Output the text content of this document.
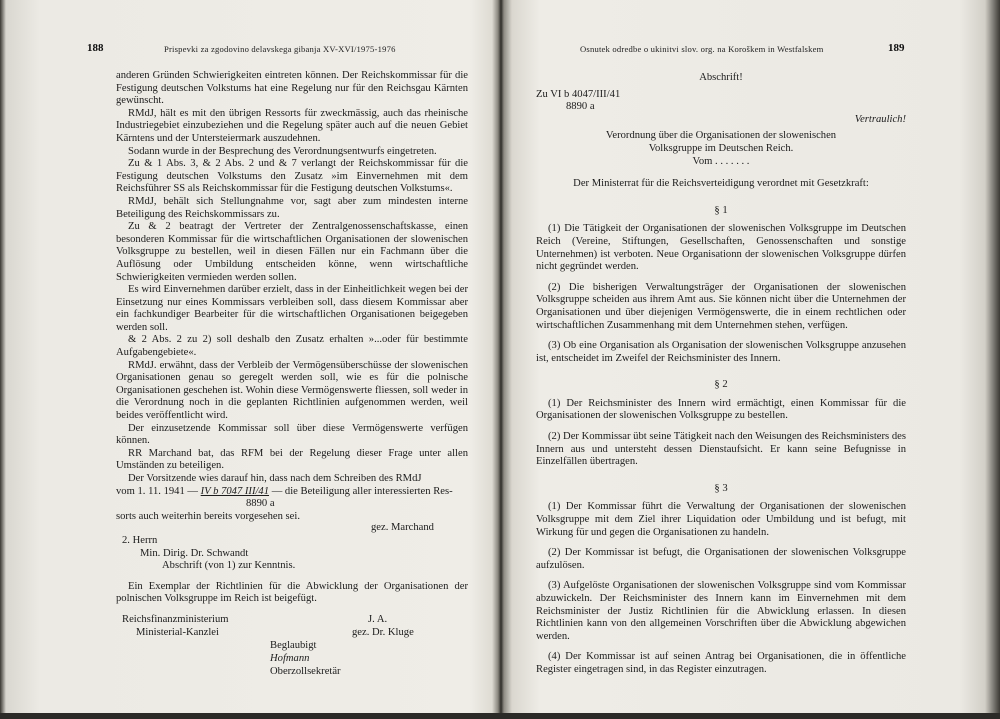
188	Prispevki za zgodovino delavskega gibanja XV-XVI/1975-1976

anderen Gründen Schwierigkeiten eintreten können. Der Reichskommissar für die Festigung deutschen Volkstums hat eine Regelung nur für den Reichsgau Kärnten gewünscht.

RMdJ, hält es mit den übrigen Ressorts für zweckmässig, auch das rheinische Industriegebiet einzubeziehen und die Regelung später auch auf die neuen Gebiet Kärntens und der Untersteiermark auszudehnen.

Sodann wurde in der Besprechung des Verordnungsentwurfs eingetreten.

Zu & 1 Abs. 3, & 2 Abs. 2 und & 7 verlangt der Reichskommissar für die Festigung deutschen Volkstums den Zusatz »im Einvernehmen mit dem Reichsführer SS als Reichskommissar für die Festigung deutschen Volkstums«.

RMdJ, behält sich Stellungnahme vor, sagt aber zum mindesten interne Beteiligung des Reichskommissars zu.

Zu & 2 beatragt der Vertreter der Zentralgenossenschaftskasse, einen besonderen Kommissar für die wirtschaftlichen Organisationen der slowenischen Volksgruppe zu bestellen, weil in diesen Fällen nur ein Fachmann über die Auflösung oder Umbildung entscheiden könne, wenn wirtschaftliche Schwierigkeiten vermieden werden sollen.

Es wird Einvernehmen darüber erzielt, dass in der Einheitlichkeit wegen bei der Einsetzung nur eines Kommissars verbleiben soll, dass diesem Kommissar aber ein fachkundiger Bearbeiter für die wirtschaftlichen Organisationen beigegeben werden soll.

& 2 Abs. 2 zu 2) soll deshalb den Zusatz erhalten »...oder für bestimmte Aufgabengebiete«.

RMdJ. erwähnt, dass der Verbleib der Vermögensüberschüsse der slowenischen Organisationen genau so geregelt werden soll, wie es für die polnische Organisationen geschehen ist. Wohin diese Vermögenswerte fliessen, soll weder in die Verordnung noch in die geplanten Richtlinien aufgenommen werden, weil beides veröffentlicht wird.

Der einzusetzende Kommissar soll über diese Vermögenswerte verfügen können.

RR Marchand bat, das RFM bei der Regelung dieser Frage unter allen Umständen zu beteiligen.

Der Vorsitzende wies darauf hin, dass nach dem Schreiben des RMdJ

vom 1. 11. 1941 — IV b 7047 III/41 — die Beteiligung aller interessierten Res-

8890 a

sorts auch weiterhin bereits vorgesehen sei.

gez. Marchand

2. Herrn

Min. Dirig. Dr. Schwandt

Abschrift (von 1) zur Kenntnis.

Ein Exemplar der Richtlinien für die Abwicklung der Organisationen der polnischen Volksgruppe im Reich ist beigefügt.

Reichsfinanzministerium	J. A.
Ministerial-Kanzlei	gez. Dr. Kluge
Beglaubigt
Hofmann
Oberzollsekretär
Osnutek odredbe o ukinitvi slov. org. na Koroškem in Westfalskem	189

Abschrift!

Zu VI b 4047/III/41

8890 a

Vertraulich!

Verordnung über die Organisationen der slowenischen

Volksgruppe im Deutschen Reich.

Vom . . . . . . .

Der Ministerrat für die Reichsverteidigung verordnet mit Gesetzkraft:

§ 1

(1) Die Tätigkeit der Organisationen der slowenischen Volksgruppe im Deutschen Reich (Vereine, Stiftungen, Gesellschaften, Genossenschaften und sonstige Unternehmen) ist verboten. Neue Organisationn der slowenischen Volksgruppe dürfen nicht gegründet werden.

(2) Die bisherigen Verwaltungsträger der Organisationen der slowenischen Volksgruppe scheiden aus ihrem Amt aus. Sie können nicht über die Unternehmen der Organisationen und über diejenigen Vermögenswerte, die in einem rechtlichen oder wirtschaftlichen Zusammenhang mit dem Unternehmen stehen, verfügen.

(3) Ob eine Organisation als Organisation der slowenischen Volksgruppe anzusehen ist, entscheidet im Zweifel der Reichsminister des Innern.

§ 2

(1) Der Reichsminister des Innern wird ermächtigt, einen Kommissar für die Organisationen der slowenischen Volksgruppe zu bestellen.

(2) Der Kommissar übt seine Tätigkeit nach den Weisungen des Reichsministers des Innern aus und untersteht dessen Dienstaufsicht. Er kann seine Befugnisse in Einzelfällen übertragen.

§ 3

(1) Der Kommissar führt die Verwaltung der Organisationen der slowenischen Volksgruppe mit dem Ziel ihrer Liquidation oder Umbildung und ist befugt, mit Wirkung für und gegen die Organisationen zu handeln.

(2) Der Kommissar ist befugt, die Organisationen der slowenischen Volksgruppe aufzulösen.

(3) Aufgelöste Organisationen der slowenischen Volksgruppe sind vom Kommissar abzuwickeln. Der Reichsminister des Innern kann im Einvernehmen mit dem Reichsminister der Justiz Richtlinien für die Abwicklung erlassen. In diesen Richtlinien kann von den allgemeinen Vorschriften über die Abwicklung abgewichen werden.

(4) Der Kommissar ist auf seinen Antrag bei Organisationen, die in öffentliche Register eingetragen sind, in das Register einzutragen.
